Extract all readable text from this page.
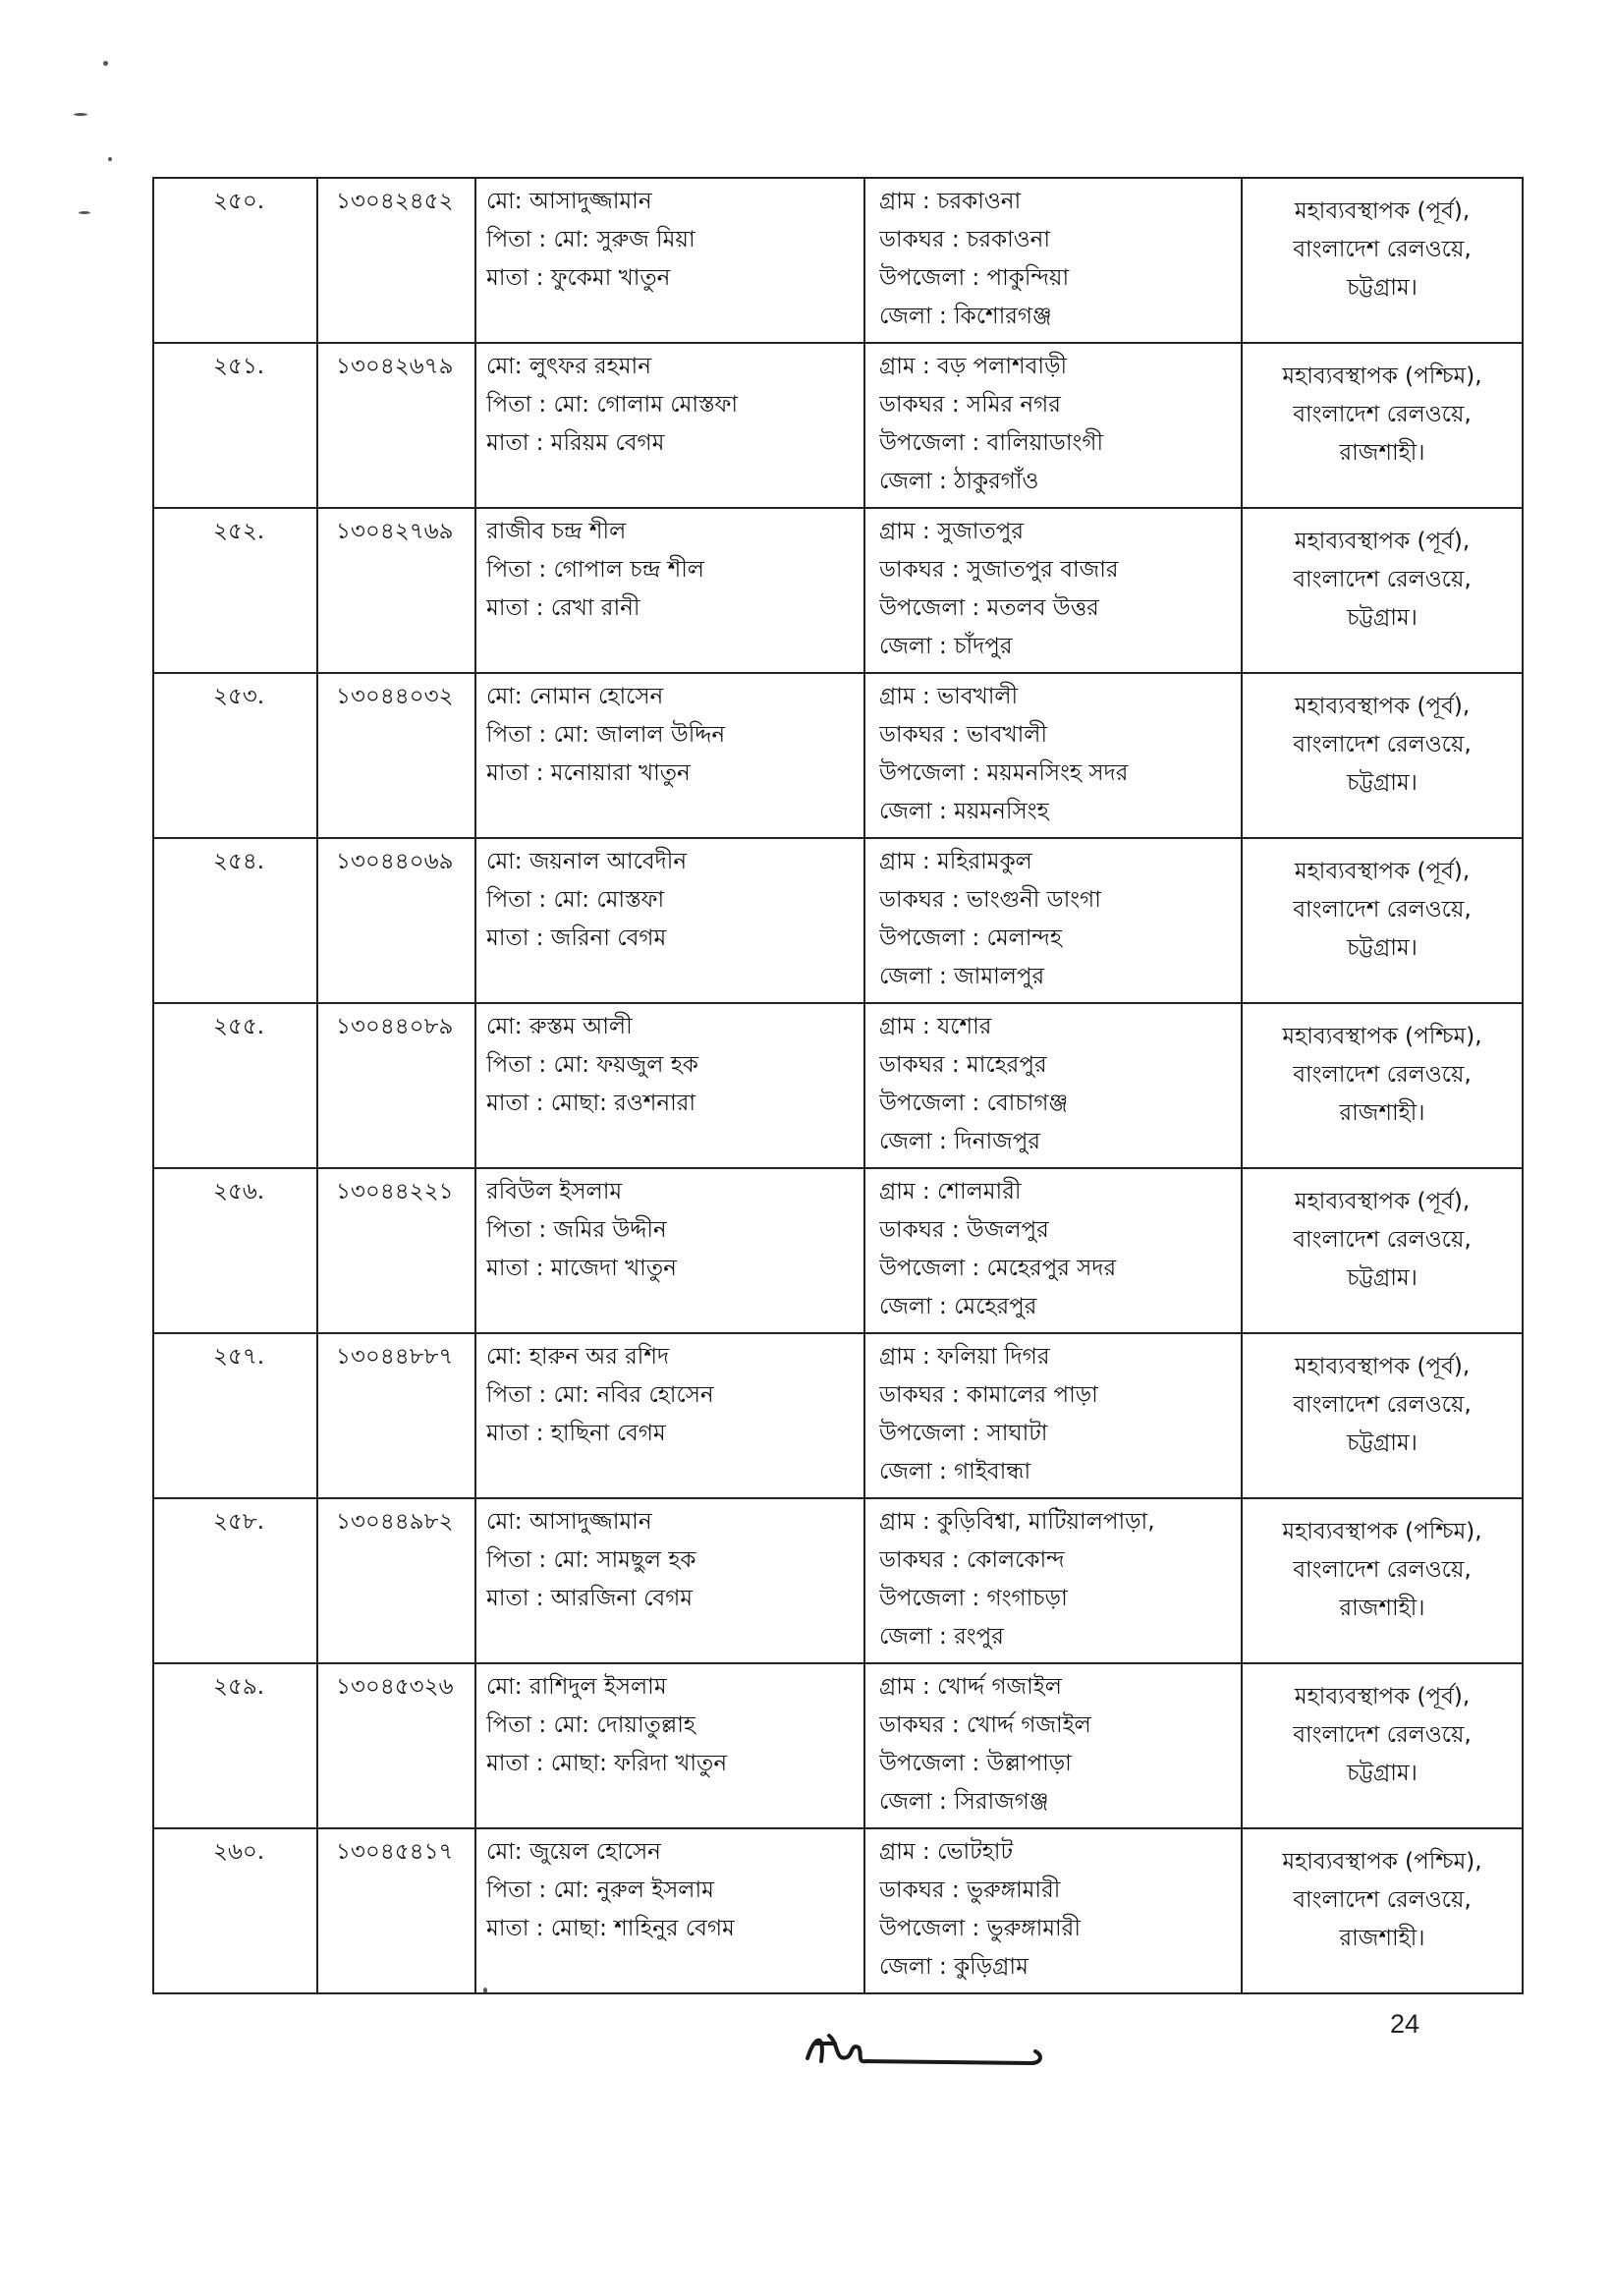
২৫০.	১৩০৪২৪৫২	মো: আসাদুজ্জামান
পিতা : মো: সুরুজ মিয়া
মাতা : ফুকেমা খাতুন	গ্রাম : চরকাওনা
ডাকঘর : চরকাওনা
উপজেলা : পাকুন্দিয়া
জেলা : কিশোরগঞ্জ	মহাব্যবস্থাপক (পূর্ব),
বাংলাদেশ রেলওয়ে,
চট্টগ্রাম।

২৫১.	১৩০৪২৬৭৯	মো: লুৎফর রহমান
পিতা : মো: গোলাম মোস্তফা
মাতা : মরিয়ম বেগম	গ্রাম : বড় পলাশবাড়ী
ডাকঘর : সমির নগর
উপজেলা : বালিয়াডাংগী
জেলা : ঠাকুরগাঁও	মহাব্যবস্থাপক (পশ্চিম),
বাংলাদেশ রেলওয়ে,
রাজশাহী।

২৫২.	১৩০৪২৭৬৯	রাজীব চন্দ্র শীল
পিতা : গোপাল চন্দ্র শীল
মাতা : রেখা রানী	গ্রাম : সুজাতপুর
ডাকঘর : সুজাতপুর বাজার
উপজেলা : মতলব উত্তর
জেলা : চাঁদপুর	মহাব্যবস্থাপক (পূর্ব),
বাংলাদেশ রেলওয়ে,
চট্টগ্রাম।

২৫৩.	১৩০৪৪০৩২	মো: নোমান হোসেন
পিতা : মো: জালাল উদ্দিন
মাতা : মনোয়ারা খাতুন	গ্রাম : ভাবখালী
ডাকঘর : ভাবখালী
উপজেলা : ময়মনসিংহ সদর
জেলা : ময়মনসিংহ	মহাব্যবস্থাপক (পূর্ব),
বাংলাদেশ রেলওয়ে,
চট্টগ্রাম।

২৫৪.	১৩০৪৪০৬৯	মো: জয়নাল আবেদীন
পিতা : মো: মোস্তফা
মাতা : জরিনা বেগম	গ্রাম : মহিরামকুল
ডাকঘর : ভাংগুনী ডাংগা
উপজেলা : মেলান্দহ
জেলা : জামালপুর	মহাব্যবস্থাপক (পূর্ব),
বাংলাদেশ রেলওয়ে,
চট্টগ্রাম।

২৫৫.	১৩০৪৪০৮৯	মো: রুস্তম আলী
পিতা : মো: ফয়জুল হক
মাতা : মোছা: রওশনারা	গ্রাম : যশোর
ডাকঘর : মাহেরপুর
উপজেলা : বোচাগঞ্জ
জেলা : দিনাজপুর	মহাব্যবস্থাপক (পশ্চিম),
বাংলাদেশ রেলওয়ে,
রাজশাহী।

২৫৬.	১৩০৪৪২২১	রবিউল ইসলাম
পিতা : জমির উদ্দীন
মাতা : মাজেদা খাতুন	গ্রাম : শোলমারী
ডাকঘর : উজলপুর
উপজেলা : মেহেরপুর সদর
জেলা : মেহেরপুর	মহাব্যবস্থাপক (পূর্ব),
বাংলাদেশ রেলওয়ে,
চট্টগ্রাম।

২৫৭.	১৩০৪৪৮৮৭	মো: হারুন অর রশিদ
পিতা : মো: নবির হোসেন
মাতা : হাছিনা বেগম	গ্রাম : ফলিয়া দিগর
ডাকঘর : কামালের পাড়া
উপজেলা : সাঘাটা
জেলা : গাইবান্ধা	মহাব্যবস্থাপক (পূর্ব),
বাংলাদেশ রেলওয়ে,
চট্টগ্রাম।

২৫৮.	১৩০৪৪৯৮২	মো: আসাদুজ্জামান
পিতা : মো: সামছুল হক
মাতা : আরজিনা বেগম	গ্রাম : কুড়িবিশ্বা, মাটিয়ালপাড়া,
ডাকঘর : কোলকোন্দ
উপজেলা : গংগাচড়া
জেলা : রংপুর	মহাব্যবস্থাপক (পশ্চিম),
বাংলাদেশ রেলওয়ে,
রাজশাহী।

২৫৯.	১৩০৪৫৩২৬	মো: রাশিদুল ইসলাম
পিতা : মো: দোয়াতুল্লাহ
মাতা : মোছা: ফরিদা খাতুন	গ্রাম : খোর্দ্দ গজাইল
ডাকঘর : খোর্দ্দ গজাইল
উপজেলা : উল্লাপাড়া
জেলা : সিরাজগঞ্জ	মহাব্যবস্থাপক (পূর্ব),
বাংলাদেশ রেলওয়ে,
চট্টগ্রাম।

২৬০.	১৩০৪৫৪১৭	মো: জুয়েল হোসেন
পিতা : মো: নুরুল ইসলাম
মাতা : মোছা: শাহিনুর বেগম	গ্রাম : ভোটহাট
ডাকঘর : ভুরুঙ্গামারী
উপজেলা : ভুরুঙ্গামারী
জেলা : কুড়িগ্রাম	মহাব্যবস্থাপক (পশ্চিম),
বাংলাদেশ রেলওয়ে,
রাজশাহী।
24
